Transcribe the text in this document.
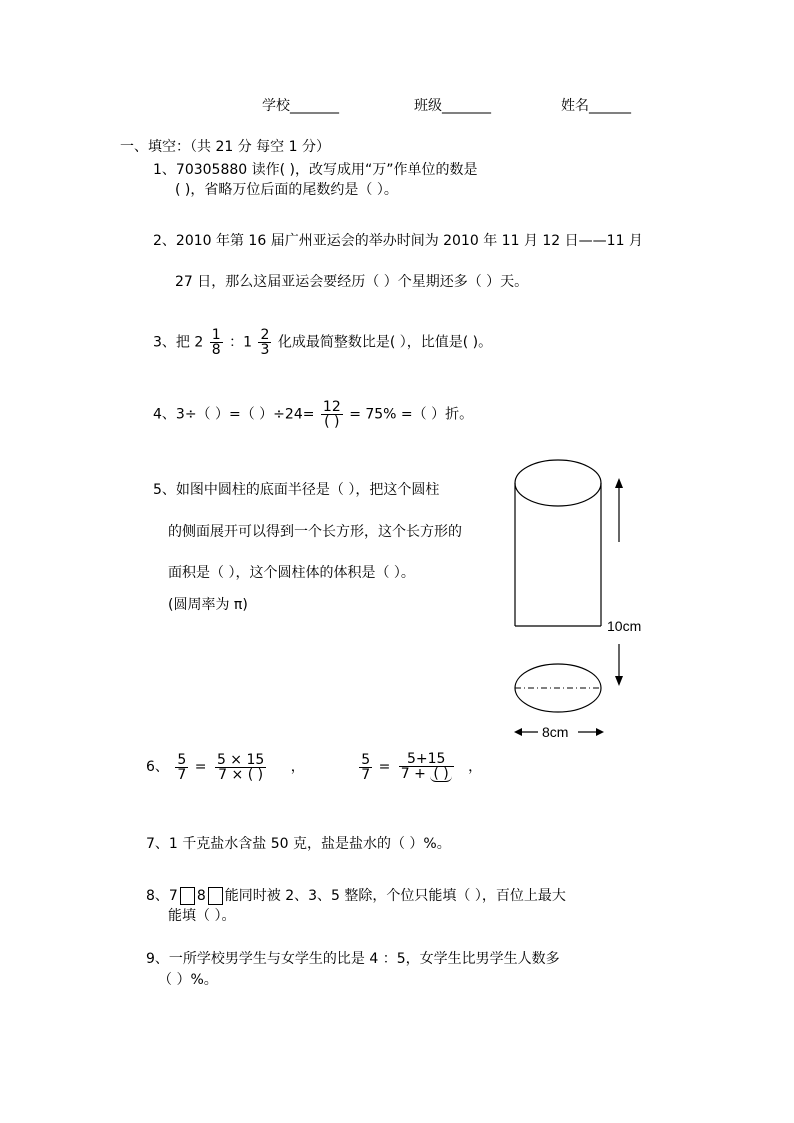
学校_______	班级_______	姓名______
一、填空：（共 21 分 每空 1 分）
1、70305880 读作( )，改写成用“万”作单位的数是
( )，省略万位后面的尾数约是（ ）。
2、2010 年第 16 届广州亚运会的举办时间为 2010 年 11 月 12 日——11 月
27 日，那么这届亚运会要经历（ ）个星期还多（ ）天。
3、把 $2 \frac{1}{8}$ ：$1 \frac{2}{3}$ 化成最简整数比是( ），比值是( )。
4、3÷（ ）=（ ）$\div 24= \frac{12}{( )} = 75\%$ =（ ）折。
5、如图中圆柱的底面半径是（ ），把这个圆柱
的侧面展开可以得到一个长方形，这个长方形的
面积是（ ），这个圆柱体的体积是（ ）。
(圆周率为 π)
10cm
8cm
6、 $\frac{5}{7} = \frac{5 \times 15}{7 \times ( )}$ ，	$\frac{5}{7} = \frac{5+15}{7 + ( )}$ ，
7、1 千克盐水含盐 50 克，盐是盐水的（ ）%。
8、7 8 能同时被 2、3、5 整除，个位只能填（ ），百位上最大
能填（ ）。
9、一所学校男学生与女学生的比是 4 ：5，女学生比男学生人数多
（ ）%。
